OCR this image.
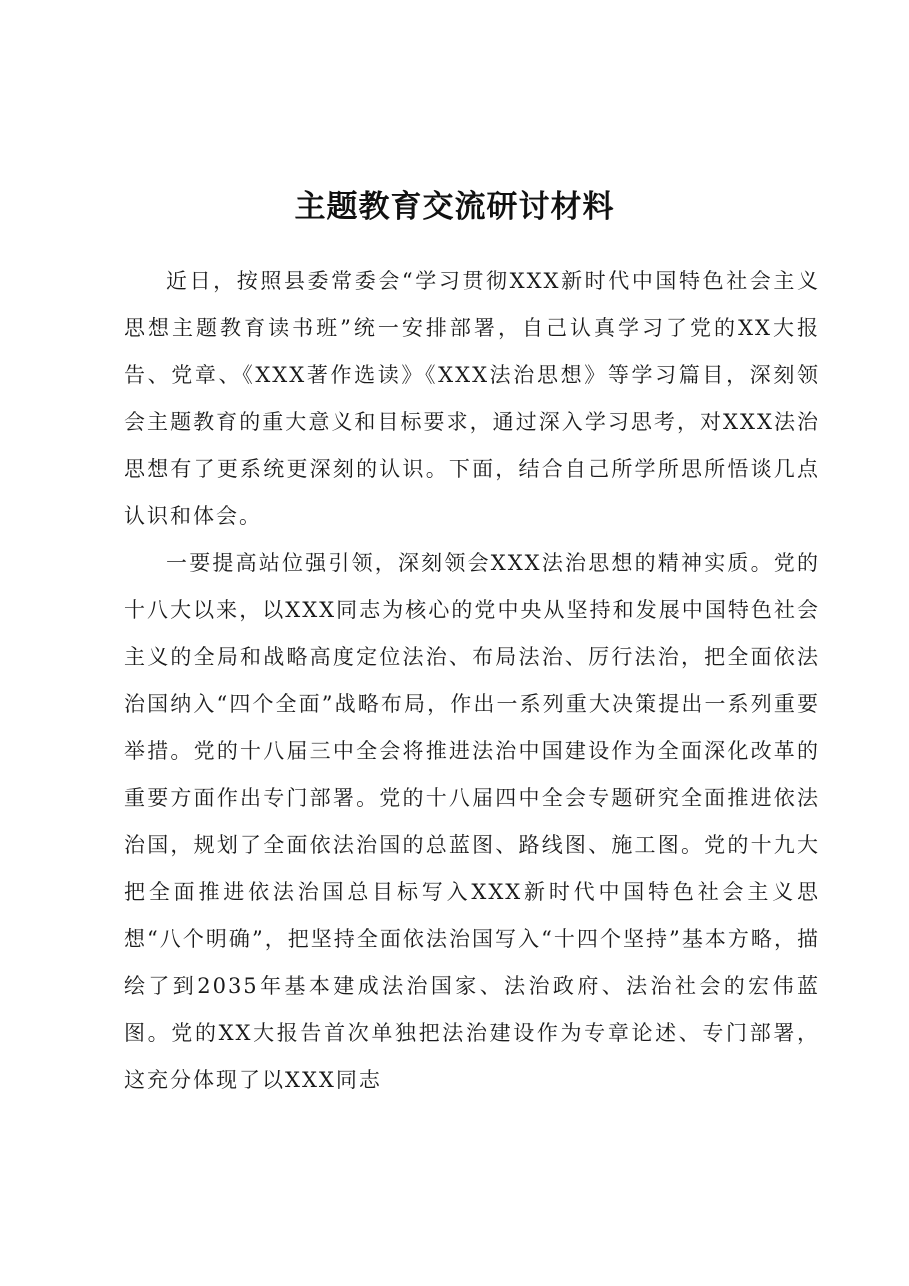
主题教育交流研讨材料

近日，按照县委常委会“学习贯彻XXX新时代中国特色社会主义思想主题教育读书班”统一安排部署，自己认真学习了党的XX大报告、党章、《XXX著作选读》《XXX法治思想》等学习篇目，深刻领会主题教育的重大意义和目标要求，通过深入学习思考，对XXX法治思想有了更系统更深刻的认识。下面，结合自己所学所思所悟谈几点认识和体会。

一要提高站位强引领，深刻领会XXX法治思想的精神实质。党的十八大以来，以XXX同志为核心的党中央从坚持和发展中国特色社会主义的全局和战略高度定位法治、布局法治、厉行法治，把全面依法治国纳入“四个全面”战略布局，作出一系列重大决策提出一系列重要举措。党的十八届三中全会将推进法治中国建设作为全面深化改革的重要方面作出专门部署。党的十八届四中全会专题研究全面推进依法治国，规划了全面依法治国的总蓝图、路线图、施工图。党的十九大把全面推进依法治国总目标写入XXX新时代中国特色社会主义思想“八个明确”，把坚持全面依法治国写入“十四个坚持”基本方略，描绘了到2035年基本建成法治国家、法治政府、法治社会的宏伟蓝图。党的XX大报告首次单独把法治建设作为专章论述、专门部署，这充分体现了以XXX同志
